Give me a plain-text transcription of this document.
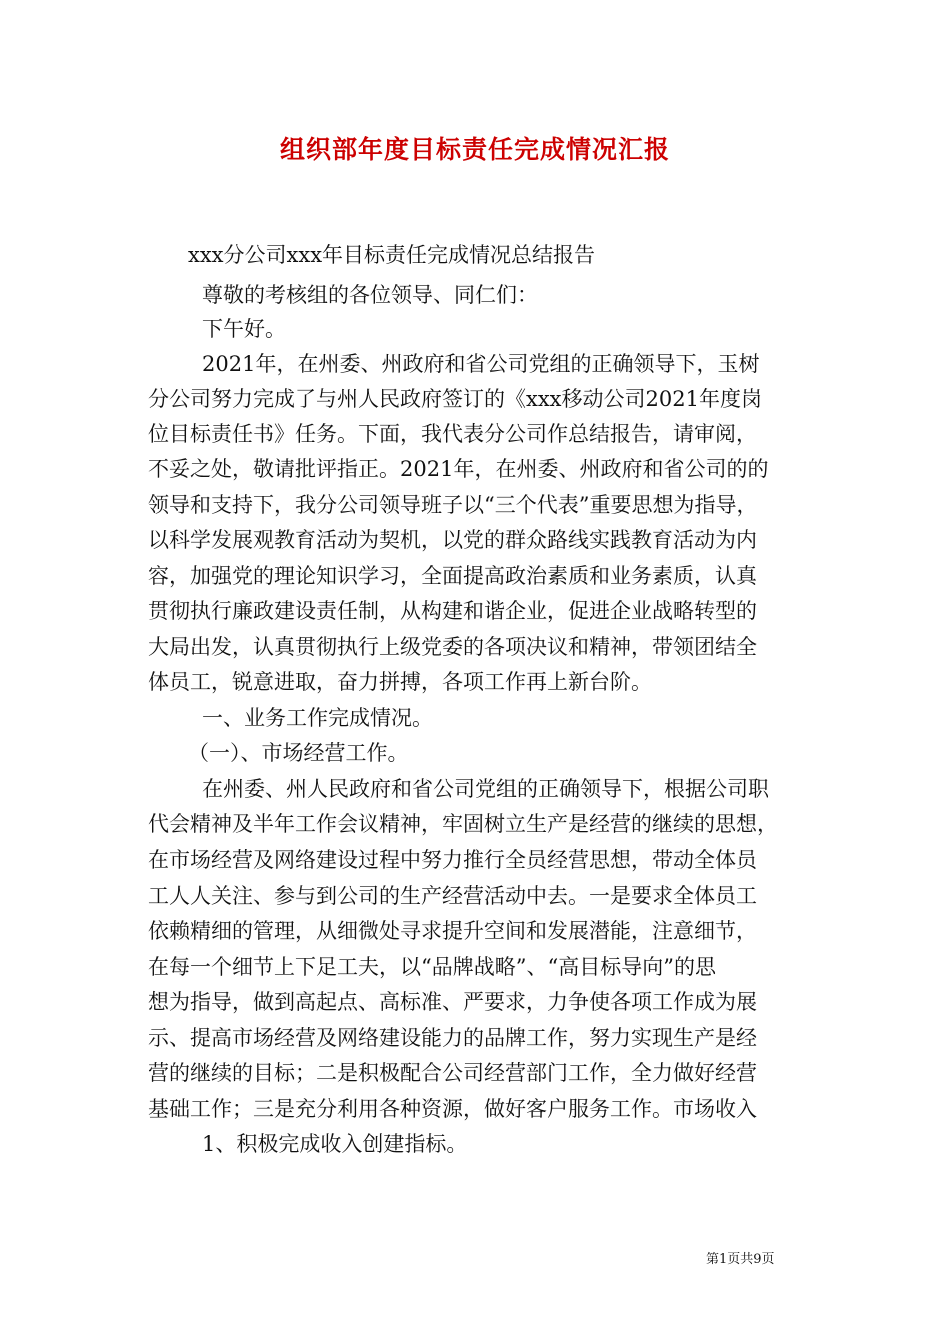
组织部年度目标责任完成情况汇报

xxx分公司xxx年目标责任完成情况总结报告

尊敬的考核组的各位领导、同仁们：

下午好。

2021年，在州委、州政府和省公司党组的正确领导下，玉树

分公司努力完成了与州人民政府签订的《xxx移动公司2021年度岗

位目标责任书》任务。下面，我代表分公司作总结报告，请审阅，

不妥之处，敬请批评指正。2021年，在州委、州政府和省公司的的

领导和支持下，我分公司领导班子以“三个代表”重要思想为指导，

以科学发展观教育活动为契机，以党的群众路线实践教育活动为内

容，加强党的理论知识学习，全面提高政治素质和业务素质，认真

贯彻执行廉政建设责任制，从构建和谐企业，促进企业战略转型的

大局出发，认真贯彻执行上级党委的各项决议和精神，带领团结全

体员工，锐意进取，奋力拼搏，各项工作再上新台阶。

一、业务工作完成情况。

（一）、市场经营工作。

在州委、州人民政府和省公司党组的正确领导下，根据公司职

代会精神及半年工作会议精神，牢固树立生产是经营的继续的思想，

在市场经营及网络建设过程中努力推行全员经营思想，带动全体员

工人人关注、参与到公司的生产经营活动中去。一是要求全体员工

依赖精细的管理，从细微处寻求提升空间和发展潜能，注意细节，

在每一个细节上下足工夫，以“品牌战略”、“高目标导向”的思

想为指导，做到高起点、高标准、严要求，力争使各项工作成为展

示、提高市场经营及网络建设能力的品牌工作，努力实现生产是经

营的继续的目标；二是积极配合公司经营部门工作，全力做好经营

基础工作；三是充分利用各种资源，做好客户服务工作。市场收入

1、积极完成收入创建指标。

第1页共9页
